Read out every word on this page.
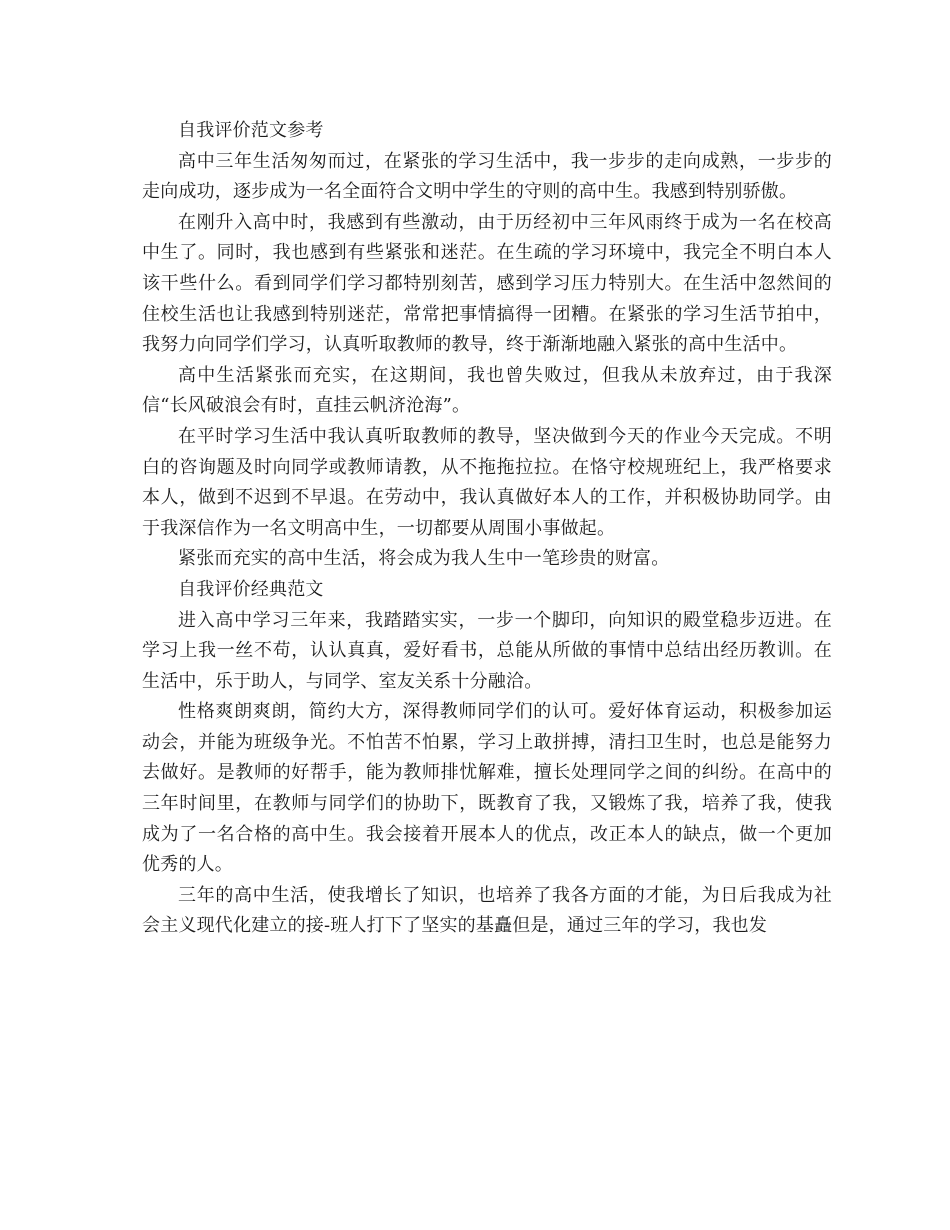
自我评价范文参考

高中三年生活匆匆而过，在紧张的学习生活中，我一步步的走向成熟，一步步的走向成功，逐步成为一名全面符合文明中学生的守则的高中生。我感到特别骄傲。

在刚升入高中时，我感到有些激动，由于历经初中三年风雨终于成为一名在校高中生了。同时，我也感到有些紧张和迷茫。在生疏的学习环境中，我完全不明白本人该干些什么。看到同学们学习都特别刻苦，感到学习压力特别大。在生活中忽然间的住校生活也让我感到特别迷茫，常常把事情搞得一团糟。在紧张的学习生活节拍中，我努力向同学们学习，认真听取教师的教导，终于渐渐地融入紧张的高中生活中。

高中生活紧张而充实，在这期间，我也曾失败过，但我从未放弃过，由于我深信“长风破浪会有时，直挂云帆济沧海”。

在平时学习生活中我认真听取教师的教导，坚决做到今天的作业今天完成。不明白的咨询题及时向同学或教师请教，从不拖拖拉拉。在恪守校规班纪上，我严格要求本人，做到不迟到不早退。在劳动中，我认真做好本人的工作，并积极协助同学。由于我深信作为一名文明高中生，一切都要从周围小事做起。

紧张而充实的高中生活，将会成为我人生中一笔珍贵的财富。

自我评价经典范文

进入高中学习三年来，我踏踏实实，一步一个脚印，向知识的殿堂稳步迈进。在学习上我一丝不苟，认认真真，爱好看书，总能从所做的事情中总结出经历教训。在生活中，乐于助人，与同学、室友关系十分融洽。

性格爽朗爽朗，简约大方，深得教师同学们的认可。爱好体育运动，积极参加运动会，并能为班级争光。不怕苦不怕累，学习上敢拼搏，清扫卫生时，也总是能努力去做好。是教师的好帮手，能为教师排忧解难，擅长处理同学之间的纠纷。在高中的三年时间里，在教师与同学们的协助下，既教育了我，又锻炼了我，培养了我，使我成为了一名合格的高中生。我会接着开展本人的优点，改正本人的缺点，做一个更加优秀的人。

三年的高中生活，使我增长了知识，也培养了我各方面的才能，为日后我成为社会主义现代化建立的接-班人打下了坚实的基矗但是，通过三年的学习，我也发
